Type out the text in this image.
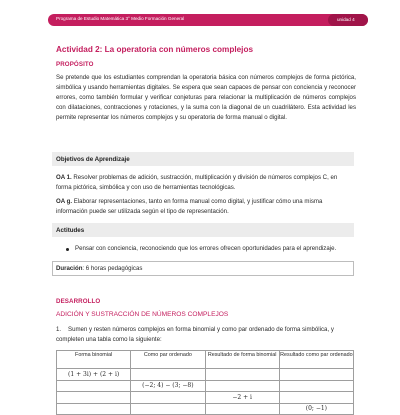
Programa de Estudio Matemática 3° Medio Formación General	unidad 4
Actividad 2: La operatoria con números complejos
PROPÓSITO
Se pretende que los estudiantes comprendan la operatoria básica con números complejos de forma pictórica, simbólica y usando herramientas digitales. Se espera que sean capaces de pensar con conciencia y reconocer errores, como también formular y verificar conjeturas para relacionar la multiplicación de números complejos con dilataciones, contracciones y rotaciones, y la suma con la diagonal de un cuadrilátero. Esta actividad les permite representar los números complejos y su operatoria de forma manual o digital.
Objetivos de Aprendizaje
OA 1. Resolver problemas de adición, sustracción, multiplicación y división de números complejos C, en forma pictórica, simbólica y con uso de herramientas tecnológicas.
OA g. Elaborar representaciones, tanto en forma manual como digital, y justificar cómo una misma información puede ser utilizada según el tipo de representación.
Actitudes
Pensar con conciencia, reconociendo que los errores ofrecen oportunidades para el aprendizaje.
Duración: 6 horas pedagógicas
DESARROLLO
ADICIÓN Y SUSTRACCIÓN DE NÚMEROS COMPLEJOS
1. Sumen y resten números complejos en forma binomial y como par ordenado de forma simbólica, y completen una tabla como la siguiente:
Forma binomial	Como par ordenado	Resultado de forma binomial	Resultado como par ordenado
(1 + 3i) + (2 + i)			
	(−2; 4) − (3; −8)		
		−2 + i	
			(0; −1)
